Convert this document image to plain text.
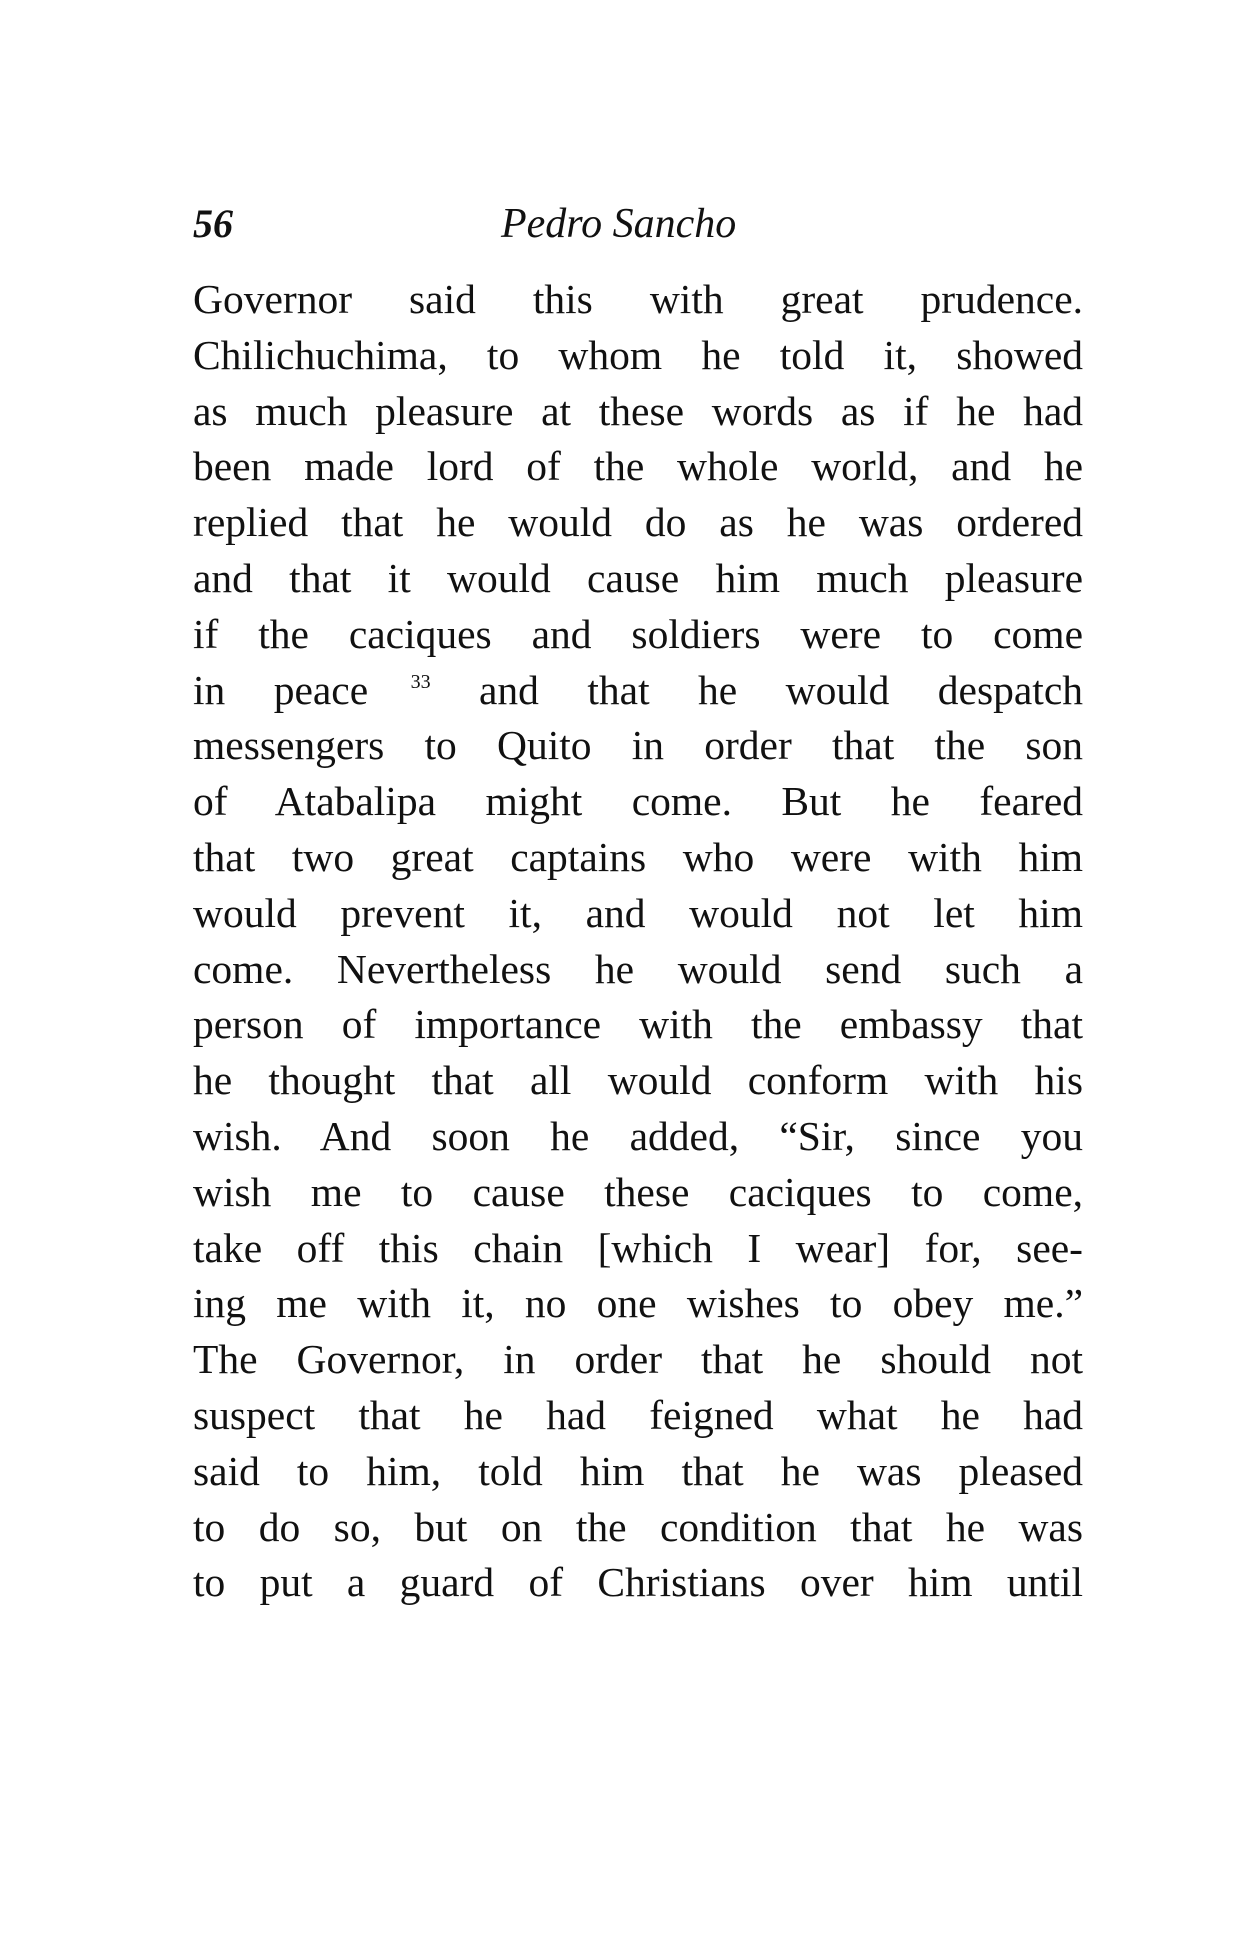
56	Pedro Sancho
Governor said this with great prudence.
Chilichuchima, to whom he told it, showed
as much pleasure at these words as if he had
been made lord of the whole world, and he
replied that he would do as he was ordered
and that it would cause him much pleasure
if the caciques and soldiers were to come
in peace $^{33}$ and that he would despatch
messengers to Quito in order that the son
of Atabalipa might come. But he feared
that two great captains who were with him
would prevent it, and would not let him
come. Nevertheless he would send such a
person of importance with the embassy that
he thought that all would conform with his
wish. And soon he added, “Sir, since you
wish me to cause these caciques to come,
take off this chain [which I wear] for, see-
ing me with it, no one wishes to obey me.”
The Governor, in order that he should not
suspect that he had feigned what he had
said to him, told him that he was pleased
to do so, but on the condition that he was
to put a guard of Christians over him until
